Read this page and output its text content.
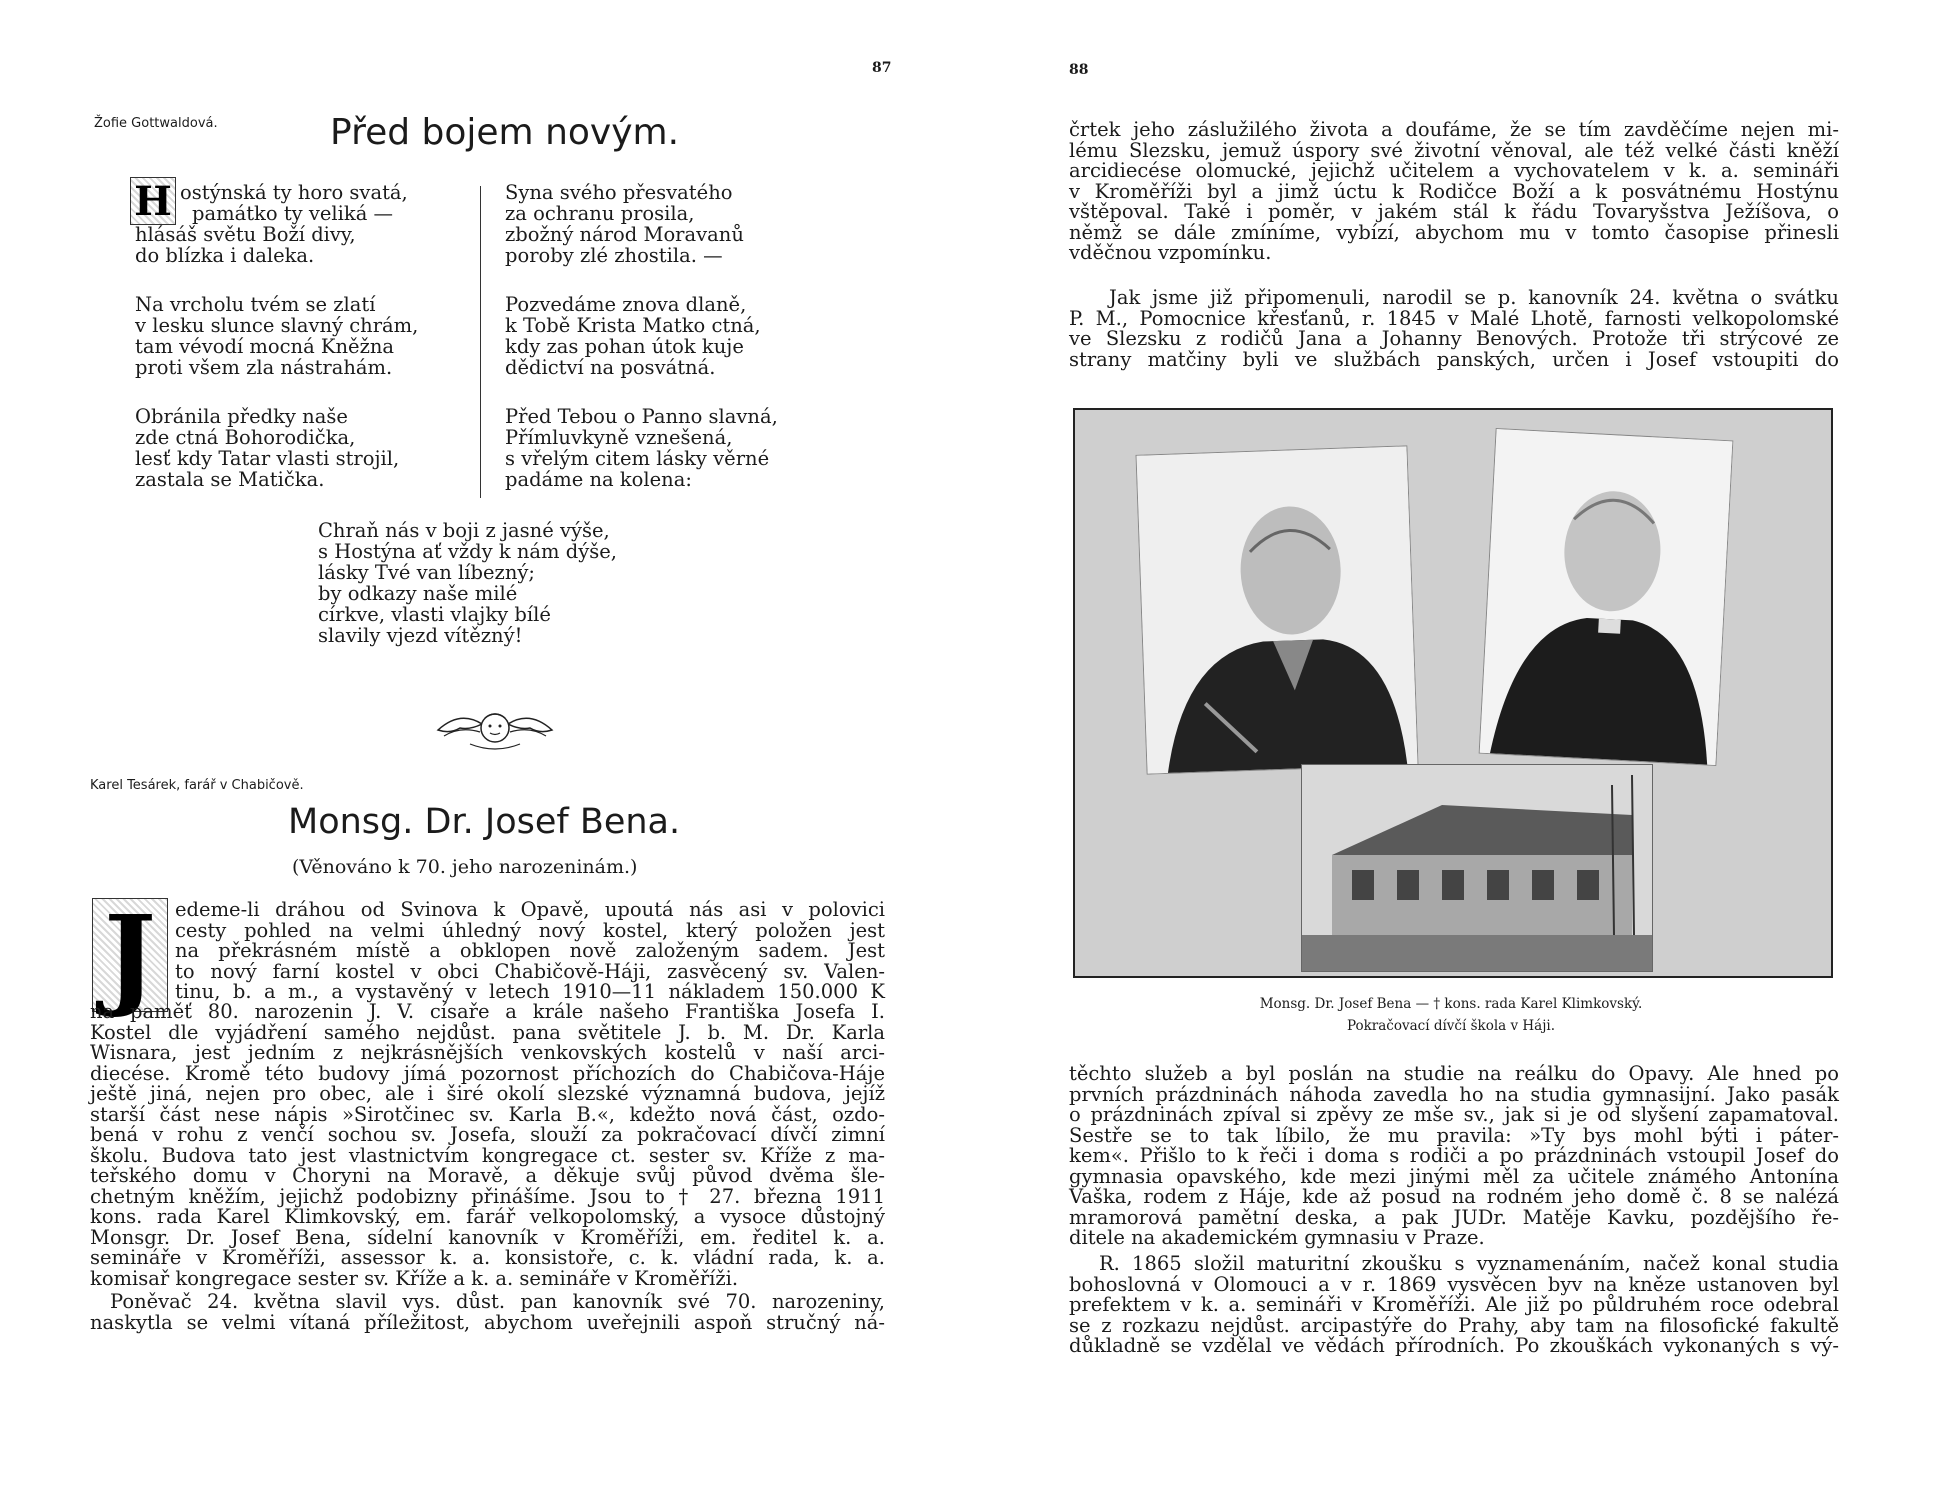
87
Žofie Gottwaldová.	Před bojem novým.
H ostýnská ty horo svatá,
památko ty veliká —
hlásáš světu Boží divy,
do blízka i daleka.
Na vrcholu tvém se zlatí
v lesku slunce slavný chrám,
tam vévodí mocná Kněžna
proti všem zla nástrahám.
Obránila předky naše
zde ctná Bohorodička,
lesť kdy Tatar vlasti strojil,
zastala se Matička.
Syna svého přesvatého
za ochranu prosila,
zbožný národ Moravanů
poroby zlé zhostila. —
Pozvedáme znova dlaně,
k Tobě Krista Matko ctná,
kdy zas pohan útok kuje
dědictví na posvátná.
Před Tebou o Panno slavná,
Přímluvkyně vznešená,
s vřelým citem lásky věrné
padáme na kolena:
Chraň nás v boji z jasné výše,
s Hostýna ať vždy k nám dýše,
lásky Tvé van líbezný;
by odkazy naše milé
církve, vlasti vlajky bílé
slavily vjezd vítězný!
Karel Tesárek, farář v Chabičově.
Monsg. Dr. Josef Bena.
(Věnováno k 70. jeho narozeninám.)
J edeme-li dráhou od Svinova k Opavě, upoutá nás asi v polovici
cesty pohled na velmi úhledný nový kostel, který položen jest
na překrásném místě a obklopen nově založeným sadem. Jest
to nový farní kostel v obci Chabičově-Háji, zasvěcený sv. Valen-
tinu, b. a m., a vystavěný v letech 1910—11 nákladem 150.000 K
na paměť 80. narozenin J. V. císaře a krále našeho Františka Josefa I.
Kostel dle vyjádření samého nejdůst. pana světitele J. b. M. Dr. Karla
Wisnara, jest jedním z nejkrásnějších venkovských kostelů v naší arci-
diecése. Kromě této budovy jímá pozornost příchozích do Chabičova-Háje
ještě jiná, nejen pro obec, ale i širé okolí slezské významná budova, jejíž
starší část nese nápis »Sirotčinec sv. Karla B.«, kdežto nová část, ozdo-
bená v rohu z venčí sochou sv. Josefa, slouží za pokračovací dívčí zimní
školu. Budova tato jest vlastnictvím kongregace ct. sester sv. Kříže z ma-
teřského domu v Choryni na Moravě, a děkuje svůj původ dvěma šle-
chetným kněžím, jejichž podobizny přinášíme. Jsou to † 27. března 1911
kons. rada Karel Klimkovský, em. farář velkopolomský, a vysoce důstojný
Monsgr. Dr. Josef Bena, sídelní kanovník v Kroměříži, em. ředitel k. a.
semináře v Kroměříži, assessor k. a. konsistoře, c. k. vládní rada, k. a.
komisař kongregace sester sv. Kříže a k. a. semináře v Kroměříži.
Poněvač 24. května slavil vys. důst. pan kanovník své 70. narozeniny,
naskytla se velmi vítaná příležitost, abychom uveřejnili aspoň stručný ná-
88
črtek jeho záslužilého života a doufáme, že se tím zavděčíme nejen mi-
lému Slezsku, jemuž úspory své životní věnoval, ale též velké části kněží
arcidiecése olomucké, jejichž učitelem a vychovatelem v k. a. semináři
v Kroměříži byl a jimž úctu k Rodičce Boží a k posvátnému Hostýnu
vštěpoval. Také i poměr, v jakém stál k řádu Tovaryšstva Ježíšova, o
němž se dále zmíníme, vybízí, abychom mu v tomto časopise přinesli
vděčnou vzpomínku.
Jak jsme již připomenuli, narodil se p. kanovník 24. května o svátku
P. M., Pomocnice křesťanů, r. 1845 v Malé Lhotě, farnosti velkopolomské
ve Slezsku z rodičů Jana a Johanny Benových. Protože tři strýcové ze
strany matčiny byli ve službách panských, určen i Josef vstoupiti do
Monsg. Dr. Josef Bena — † kons. rada Karel Klimkovský.
Pokračovací dívčí škola v Háji.
těchto služeb a byl poslán na studie na reálku do Opavy. Ale hned po
prvních prázdninách náhoda zavedla ho na studia gymnasijní. Jako pasák
o prázdninách zpíval si zpěvy ze mše sv., jak si je od slyšení zapamatoval.
Sestře se to tak líbilo, že mu pravila: »Ty bys mohl býti i páter-
kem«. Přišlo to k řeči i doma s rodiči a po prázdninách vstoupil Josef do
gymnasia opavského, kde mezi jinými měl za učitele známého Antonína
Vaška, rodem z Háje, kde až posud na rodném jeho domě č. 8 se nalézá
mramorová pamětní deska, a pak JUDr. Matěje Kavku, pozdějšího ře-
ditele na akademickém gymnasiu v Praze.
R. 1865 složil maturitní zkoušku s vyznamenáním, načež konal studia
bohoslovná v Olomouci a v r. 1869 vysvěcen byv na kněze ustanoven byl
prefektem v k. a. semináři v Kroměříži. Ale již po půldruhém roce odebral
se z rozkazu nejdůst. arcipastýře do Prahy, aby tam na filosofické fakultě
důkladně se vzdělal ve vědách přírodních. Po zkouškách vykonaných s vý-
